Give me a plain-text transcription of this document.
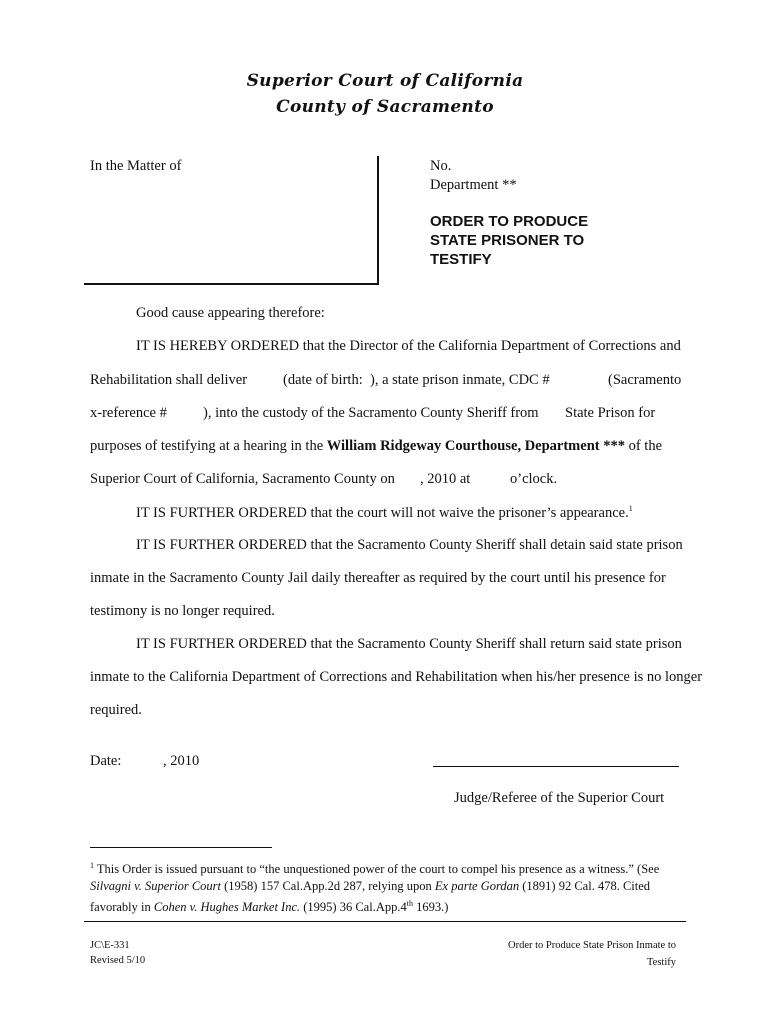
Superior Court of California
County of Sacramento
In the Matter of	No.
Department **
ORDER TO PRODUCE
STATE PRISONER TO
TESTIFY
Good cause appearing therefore:
IT IS HEREBY ORDERED that the Director of the California Department of Corrections and
Rehabilitation shall deliver (date of birth: ), a state prison inmate, CDC #	(Sacramento
x-reference # ), into the custody of the Sacramento County Sheriff from State Prison for
purposes of testifying at a hearing in the William Ridgeway Courthouse, Department *** of the
Superior Court of California, Sacramento County on , 2010 at	o’clock.
IT IS FURTHER ORDERED that the court will not waive the prisoner’s appearance.$^1$
IT IS FURTHER ORDERED that the Sacramento County Sheriff shall detain said state prison
inmate in the Sacramento County Jail daily thereafter as required by the court until his presence for
testimony is no longer required.
IT IS FURTHER ORDERED that the Sacramento County Sheriff shall return said state prison
inmate to the California Department of Corrections and Rehabilitation when his/her presence is no longer
required.
Date:	, 2010
Judge/Referee of the Superior Court
$^1$ This Order is issued pursuant to “the unquestioned power of the court to compel his presence as a witness.” (See
Silvagni v. Superior Court (1958) 157 Cal.App.2d 287, relying upon Ex parte Gordan (1891) 92 Cal. 478. Cited
favorably in Cohen v. Hughes Market Inc. (1995) 36 Cal.App.4th 1693.)
JC\E-331
Revised 5/10
Order to Produce State Prison Inmate to Testify
